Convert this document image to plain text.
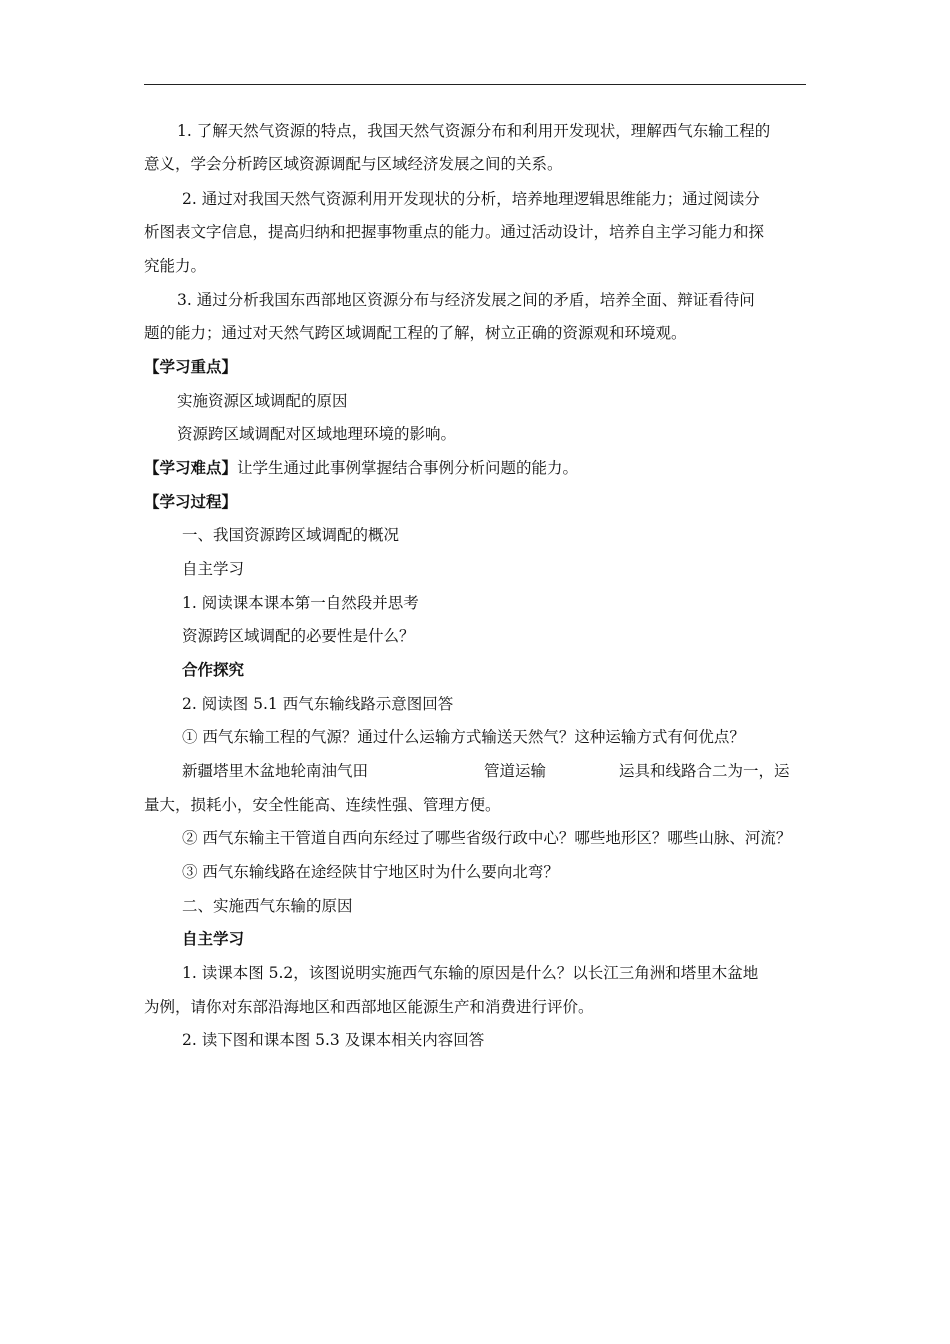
1. 了解天然气资源的特点，我国天然气资源分布和利用开发现状，理解西气东输工程的
意义，学会分析跨区域资源调配与区域经济发展之间的关系。
2. 通过对我国天然气资源利用开发现状的分析，培养地理逻辑思维能力；通过阅读分
析图表文字信息，提高归纳和把握事物重点的能力。通过活动设计，培养自主学习能力和探
究能力。
3. 通过分析我国东西部地区资源分布与经济发展之间的矛盾，培养全面、辩证看待问
题的能力；通过对天然气跨区域调配工程的了解，树立正确的资源观和环境观。
【学习重点】
实施资源区域调配的原因
资源跨区域调配对区域地理环境的影响。
【学习难点】让学生通过此事例掌握结合事例分析问题的能力。
【学习过程】
一、我国资源跨区域调配的概况
自主学习
1. 阅读课本课本第一自然段并思考
资源跨区域调配的必要性是什么？
合作探究
2. 阅读图 5.1 西气东输线路示意图回答
① 西气东输工程的气源？通过什么运输方式输送天然气？这种运输方式有何优点？
新疆塔里木盆地轮南油气田	管道运输	运具和线路合二为一，运
量大，损耗小，安全性能高、连续性强、管理方便。
② 西气东输主干管道自西向东经过了哪些省级行政中心？哪些地形区？哪些山脉、河流？
③ 西气东输线路在途经陕甘宁地区时为什么要向北弯？
二、实施西气东输的原因
自主学习
1. 读课本图 5.2，该图说明实施西气东输的原因是什么？以长江三角洲和塔里木盆地
为例，请你对东部沿海地区和西部地区能源生产和消费进行评价。
2. 读下图和课本图 5.3 及课本相关内容回答
